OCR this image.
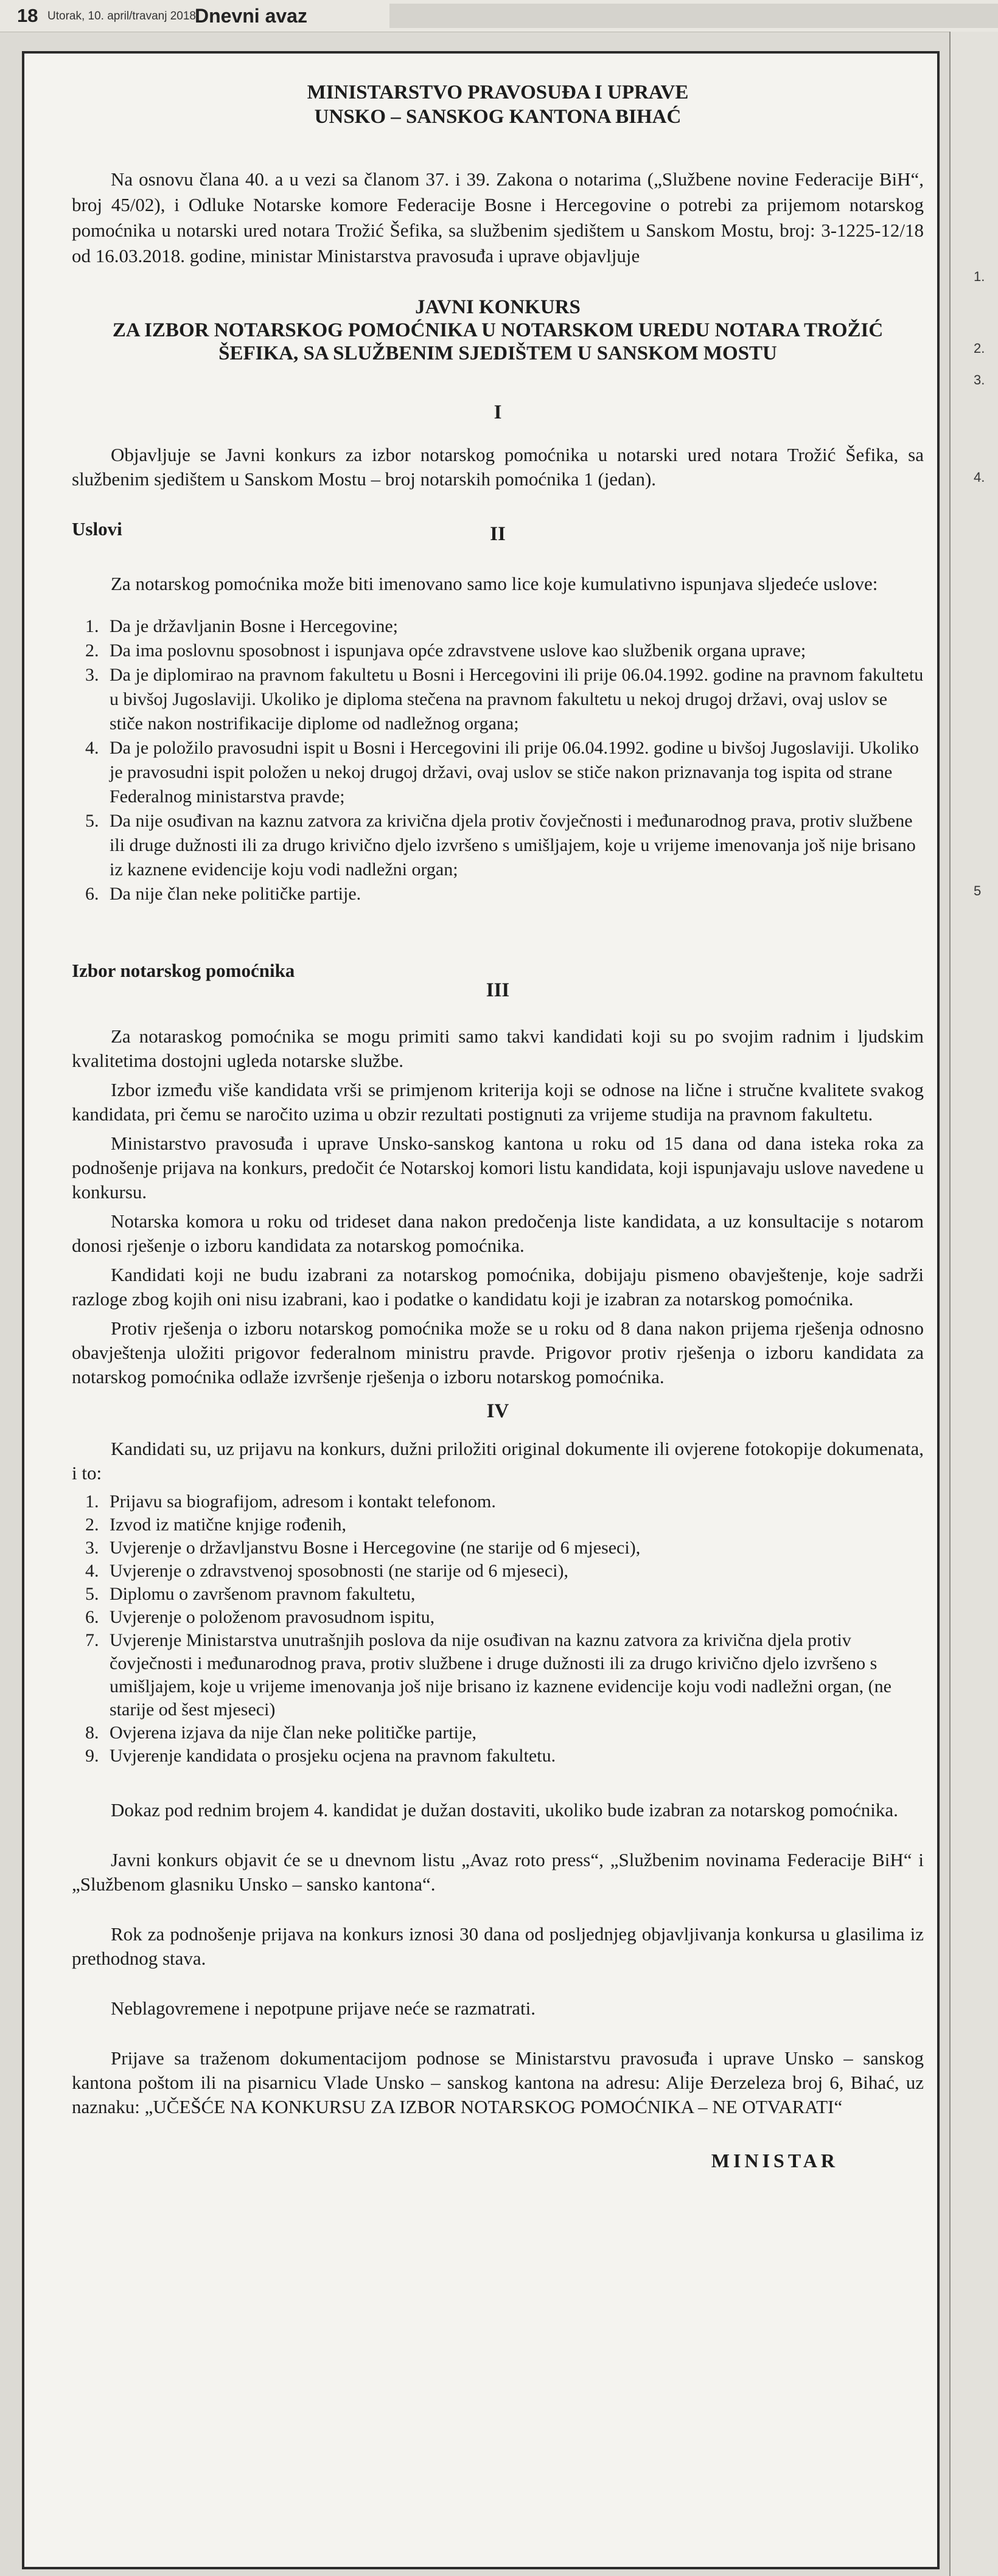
18 Utorak, 10. april/travanj 2018.
Dnevni avaz
1.
2.
3.
4.
5

MINISTARSTVO PRAVOSUĐA I UPRAVE

UNSKO – SANSKOG KANTONA BIHAĆ

Na osnovu člana 40. a u vezi sa članom 37. i 39. Zakona o notarima („Službene novine Federacije BiH“, broj 45/02), i Odluke Notarske komore Federacije Bosne i Hercegovine o potrebi za prijemom notarskog pomoćnika u notarski ured notara Trožić Šefika, sa službenim sjedištem u Sanskom Mostu, broj: 3-1225-12/18 od 16.03.2018. godine, ministar Ministarstva pravosuđa i uprave objavljuje

JAVNI KONKURS

ZA IZBOR NOTARSKOG POMOĆNIKA U NOTARSKOM UREDU NOTARA TROŽIĆ

ŠEFIKA, SA SLUŽBENIM SJEDIŠTEM U SANSKOM MOSTU

I

Objavljuje se Javni konkurs za izbor notarskog pomoćnika u notarski ured notara Trožić Šefika, sa službenim sjedištem u Sanskom Mostu – broj notarskih pomoćnika 1 (jedan).

Uslovi	II

Za notarskog pomoćnika može biti imenovano samo lice koje kumulativno ispunjava sljedeće uslove:

1. Da je državljanin Bosne i Hercegovine;
2. Da ima poslovnu sposobnost i ispunjava opće zdravstvene uslove kao službenik organa uprave;
3. Da je diplomirao na pravnom fakultetu u Bosni i Hercegovini ili prije 06.04.1992. godine na pravnom fakultetu u bivšoj Jugoslaviji. Ukoliko je diploma stečena na pravnom fakultetu u nekoj drugoj državi, ovaj uslov se stiče nakon nostrifikacije diplome od nadležnog organa;
4. Da je položilo pravosudni ispit u Bosni i Hercegovini ili prije 06.04.1992. godine u bivšoj Jugoslaviji. Ukoliko je pravosudni ispit položen u nekoj drugoj državi, ovaj uslov se stiče nakon priznavanja tog ispita od strane Federalnog ministarstva pravde;
5. Da nije osuđivan na kaznu zatvora za krivična djela protiv čovječnosti i međunarodnog prava, protiv službene ili druge dužnosti ili za drugo krivično djelo izvršeno s umišljajem, koje u vrijeme imenovanja još nije brisano iz kaznene evidencije koju vodi nadležni organ;
6. Da nije član neke političke partije.
Izbor notarskog pomoćnika
III

Za notaraskog pomoćnika se mogu primiti samo takvi kandidati koji su po svojim radnim i ljudskim kvalitetima dostojni ugleda notarske službe.

Izbor između više kandidata vrši se primjenom kriterija koji se odnose na lične i stručne kvalitete svakog kandidata, pri čemu se naročito uzima u obzir rezultati postignuti za vrijeme studija na pravnom fakultetu.

Ministarstvo pravosuđa i uprave Unsko-sanskog kantona u roku od 15 dana od dana isteka roka za podnošenje prijava na konkurs, predočit će Notarskoj komori listu kandidata, koji ispunjavaju uslove navedene u konkursu.

Notarska komora u roku od trideset dana nakon predočenja liste kandidata, a uz konsultacije s notarom donosi rješenje o izboru kandidata za notarskog pomoćnika.

Kandidati koji ne budu izabrani za notarskog pomoćnika, dobijaju pismeno obavještenje, koje sadrži razloge zbog kojih oni nisu izabrani, kao i podatke o kandidatu koji je izabran za notarskog pomoćnika.

Protiv rješenja o izboru notarskog pomoćnika može se u roku od 8 dana nakon prijema rješenja odnosno obavještenja uložiti prigovor federalnom ministru pravde. Prigovor protiv rješenja o izboru kandidata za notarskog pomoćnika odlaže izvršenje rješenja o izboru notarskog pomoćnika.

IV

Kandidati su, uz prijavu na konkurs, dužni priložiti original dokumente ili ovjerene fotokopije dokumenata, i to:

1. Prijavu sa biografijom, adresom i kontakt telefonom.
2. Izvod iz matične knjige rođenih,
3. Uvjerenje o državljanstvu Bosne i Hercegovine (ne starije od 6 mjeseci),
4. Uvjerenje o zdravstvenoj sposobnosti (ne starije od 6 mjeseci),
5. Diplomu o završenom pravnom fakultetu,
6. Uvjerenje o položenom pravosudnom ispitu,
7. Uvjerenje Ministarstva unutrašnjih poslova da nije osuđivan na kaznu zatvora za krivična djela protiv čovječnosti i međunarodnog prava, protiv službene i druge dužnosti ili za drugo krivično djelo izvršeno s umišljajem, koje u vrijeme imenovanja još nije brisano iz kaznene evidencije koju vodi nadležni organ, (ne starije od šest mjeseci)
8. Ovjerena izjava da nije član neke političke partije,
9. Uvjerenje kandidata o prosjeku ocjena na pravnom fakultetu.

Dokaz pod rednim brojem 4. kandidat je dužan dostaviti, ukoliko bude izabran za notarskog pomoćnika.

Javni konkurs objavit će se u dnevnom listu „Avaz roto press“, „Službenim novinama Federacije BiH“ i „Službenom glasniku Unsko – sansko kantona“.

Rok za podnošenje prijava na konkurs iznosi 30 dana od posljednjeg objavljivanja konkursa u glasilima iz prethodnog stava.

Neblagovremene i nepotpune prijave neće se razmatrati.

Prijave sa traženom dokumentacijom podnose se Ministarstvu pravosuđa i uprave Unsko – sanskog kantona poštom ili na pisarnicu Vlade Unsko – sanskog kantona na adresu: Alije Đerzeleza broj 6, Bihać, uz naznaku: „UČEŠĆE NA KONKURSU ZA IZBOR NOTARSKOG POMOĆNIKA – NE OTVARATI“

MINISTAR
